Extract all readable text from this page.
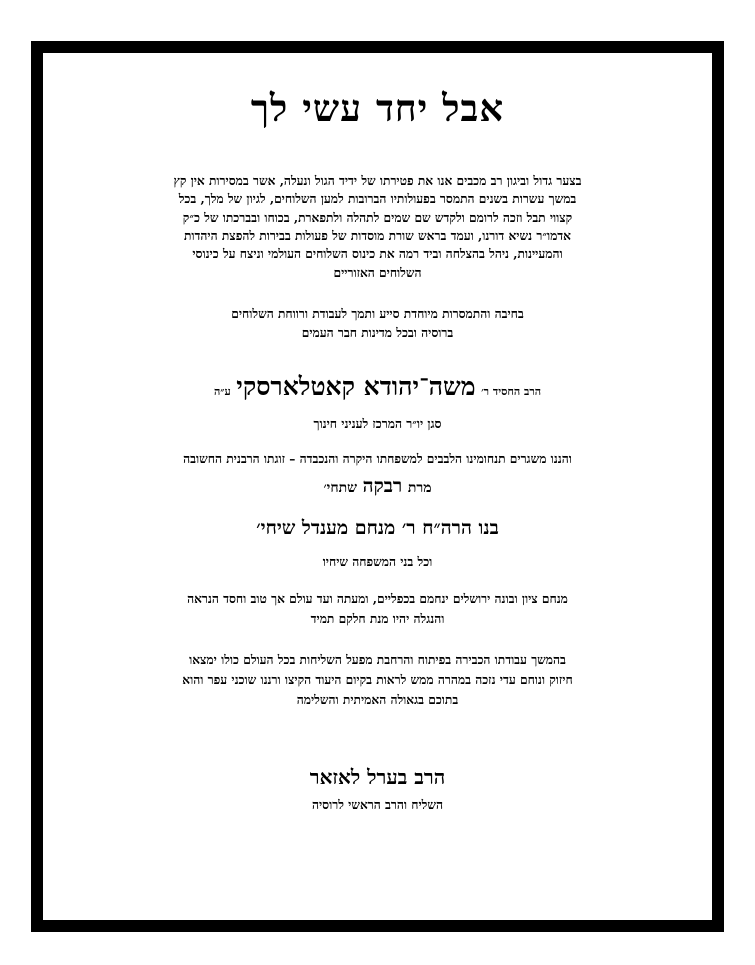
אבל יחד עשי לך
בצער גדול וביגון רב מכבים אנו את פטירתו של ידיד הגול ונעלה, אשר במסירות אין קץ
במשך עשרות בשנים התמסר בפעולותיו הברובות למען השלוחים, לגיון של מלך, בכל
קצווי תבל וזכה לרומם ולקדש שם שמים לתהלה ולתפארת, בכוחו ובברכתו של כ״ק
אדמו״ר נשיא דורנו, ועמד בראש שורת מוסדות של פעולות בבירות להפצת היהדות
והמעיינות, ניהל בהצלחה וביד רמה את כינוס השלוחים העולמי וניצח על כינוסי
השלוחים האזוריים
בחיבה והתמסרות מיוחדת סייע ותמך לעבודת ורווחת השלוחים
ברוסיה ובכל מדינות חבר העמים
הרב החסיד ר׳ משה־יהודא קאטלארסקי ע״ה
סגן יו״ר המרכז לעניני חינוך
והננו משגרים תנחומינו הלבבים למשפחתו היקרה והנכבדה – זוגתו הרבנית החשובה
מרת רבקה שתחי׳
בנו הרה״ח ר׳ מנחם מענדל שיחי׳
וכל בני המשפחה שיחיו
מנחם ציון ובונה ירושלים ינחמם בכפליים, ומעתה ועד עולם אך טוב וחסד הנראה
והנגלה יהיו מנת חלקם תמיד
בהמשך עבודתו הכבירה בפיתוח והרחבת מפעל השליחות בכל העולם כולו ימצאו
חיזוק ונוחם עדי נזכה במהרה ממש לראות בקיום היעוד הקיצו ורננו שוכני עפר והוא
בתוכם בגאולה האמיתית והשלימה
הרב בערל לאזאר
השליח והרב הראשי לרוסיה
